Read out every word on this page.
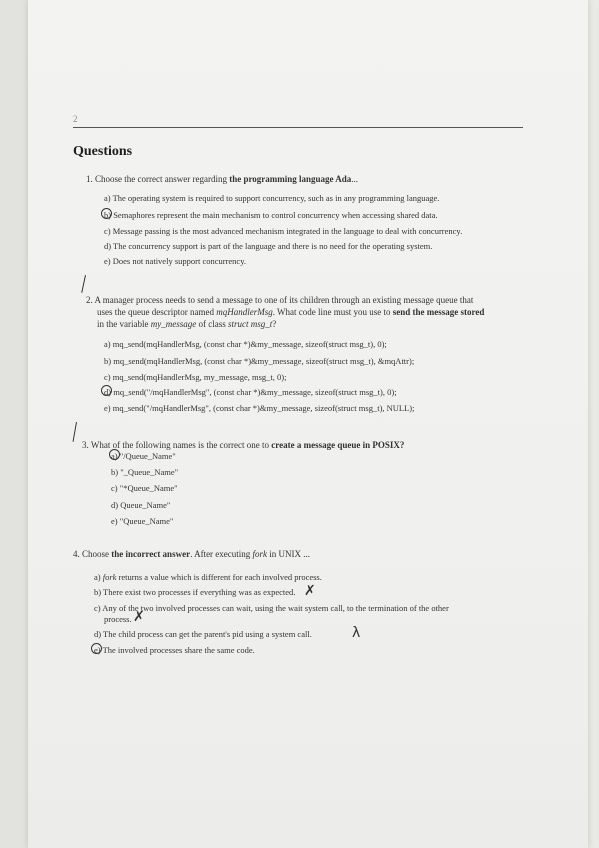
2
Questions
1. Choose the correct answer regarding the programming language Ada...
a) The operating system is required to support concurrency, such as in any programming language.
b) Semaphores represent the main mechanism to control concurrency when accessing shared data.
c) Message passing is the most advanced mechanism integrated in the language to deal with concurrency.
d) The concurrency support is part of the language and there is no need for the operating system.
e) Does not natively support concurrency.
2. A manager process needs to send a message to one of its children through an existing message queue that
uses the queue descriptor named mqHandlerMsg. What code line must you use to send the message stored
in the variable my_message of class struct msg_t?
a) mq_send(mqHandlerMsg, (const char *)&my_message, sizeof(struct msg_t), 0);
b) mq_send(mqHandlerMsg, (const char *)&my_message, sizeof(struct msg_t), &mqAttr);
c) mq_send(mqHandlerMsg, my_message, msg_t, 0);
d) mq_send("/mqHandlerMsg", (const char *)&my_message, sizeof(struct msg_t), 0);
e) mq_send("/mqHandlerMsg", (const char *)&my_message, sizeof(struct msg_t), NULL);
3. What of the following names is the correct one to create a message queue in POSIX?
a) "/Queue_Name"
b) "_Queue_Name"
c) "*Queue_Name"
d) Queue_Name"
e) "Queue_Name"
4. Choose the incorrect answer. After executing fork in UNIX ...
a) fork returns a value which is different for each involved process.
b) There exist two processes if everything was as expected. ✗
c) Any of the two involved processes can wait, using the wait system call, to the termination of the other
process. ✗
d) The child process can get the parent's pid using a system call.	λ
e) The involved processes share the same code.
